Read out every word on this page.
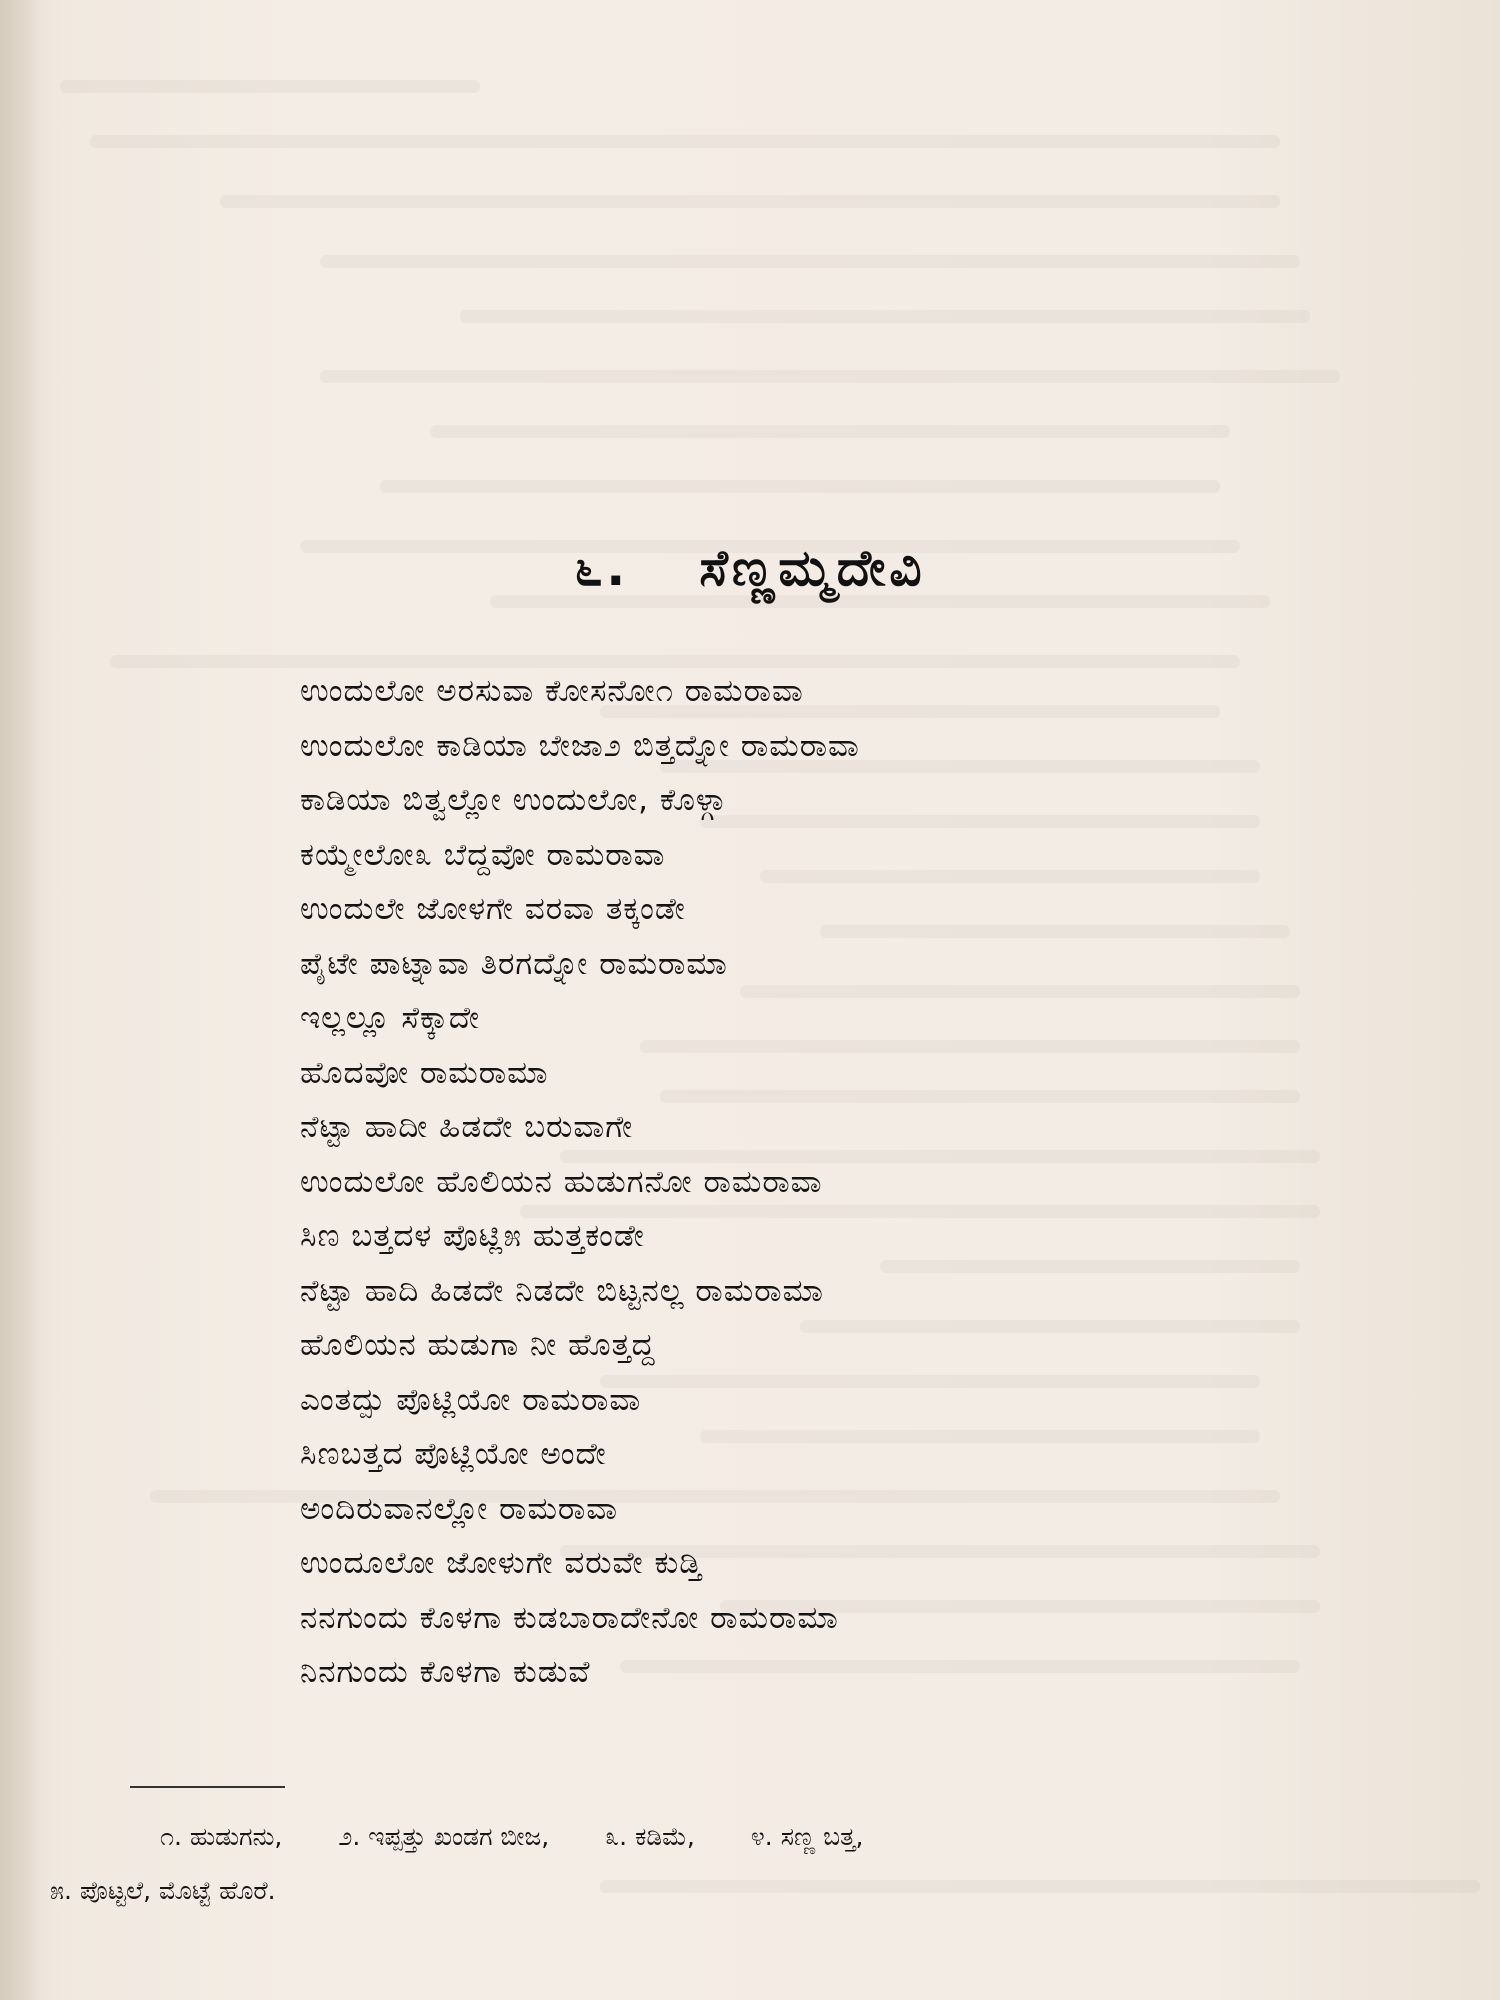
೬. ಸೆಣ್ಣಮ್ಮದೇವಿ
ಉಂದುಲೋ ಅರಸುವಾ ಕೋಸನೋ೧ ರಾಮರಾವಾ
ಉಂದುಲೋ ಕಾಡಿಯಾ ಬೇಜಾ೨ ಬಿತ್ತದ್ನೋ ರಾಮರಾವಾ
ಕಾಡಿಯಾ ಬಿತ್ವಲ್ಲೋ ಉಂದುಲೋ, ಕೊಳ್ಗಾ
ಕಯ್ಮೇಲೋ೩ ಬೆದ್ದವೋ ರಾಮರಾವಾ
ಉಂದುಲೇ ಜೋಳಗೇ ವರವಾ ತಕ್ಕಂಡೇ
ಪೈಟೇ ಪಾಟ್ನಾವಾ ತಿರಗದ್ನೋ ರಾಮರಾಮಾ
ಇಲ್ಲಲ್ಲೂ ಸೆಕ್ಕಾದೇ
ಹೊದವೋ ರಾಮರಾಮಾ
ನೆಟ್ಟಾ ಹಾದೀ ಹಿಡದೇ ಬರುವಾಗೇ
ಉಂದುಲೋ ಹೊಲಿಯನ ಹುಡುಗನೋ ರಾಮರಾವಾ
ಸಿಣ ಬತ್ತದಳ ಪೊಟ್ಲಿ೫ ಹುತ್ತಕಂಡೇ
ನೆಟ್ಟಾ ಹಾದಿ ಹಿಡದೇ ನಿಡದೇ ಬಿಟ್ಟನಲ್ಲ ರಾಮರಾಮಾ
ಹೊಲಿಯನ ಹುಡುಗಾ ನೀ ಹೊತ್ತದ್ದ
ಎಂತದ್ಪು ಪೊಟ್ಲಿಯೋ ರಾಮರಾವಾ
ಸಿಣಬತ್ತದ ಪೊಟ್ಲಿಯೋ ಅಂದೇ
ಅಂದಿರುವಾನಲ್ಲೋ ರಾಮರಾವಾ
ಉಂದೂಲೋ ಜೋಳುಗೇ ವರುವೇ ಕುಡ್ತಿ
ನನಗುಂದು ಕೊಳಗಾ ಕುಡಬಾರಾದೇನೋ ರಾಮರಾಮಾ
ನಿನಗುಂದು ಕೊಳಗಾ ಕುಡುವೆ
೧. ಹುಡುಗನು, ೨. ಇಪ್ಪತ್ತು ಖಂಡಗ ಬೀಜ, ೩. ಕಡಿಮೆ, ೪. ಸಣ್ಣ ಬತ್ತ,
೫. ಪೊಟ್ಟಲೆ, ಮೊಟ್ಟೆ ಹೊರೆ.
